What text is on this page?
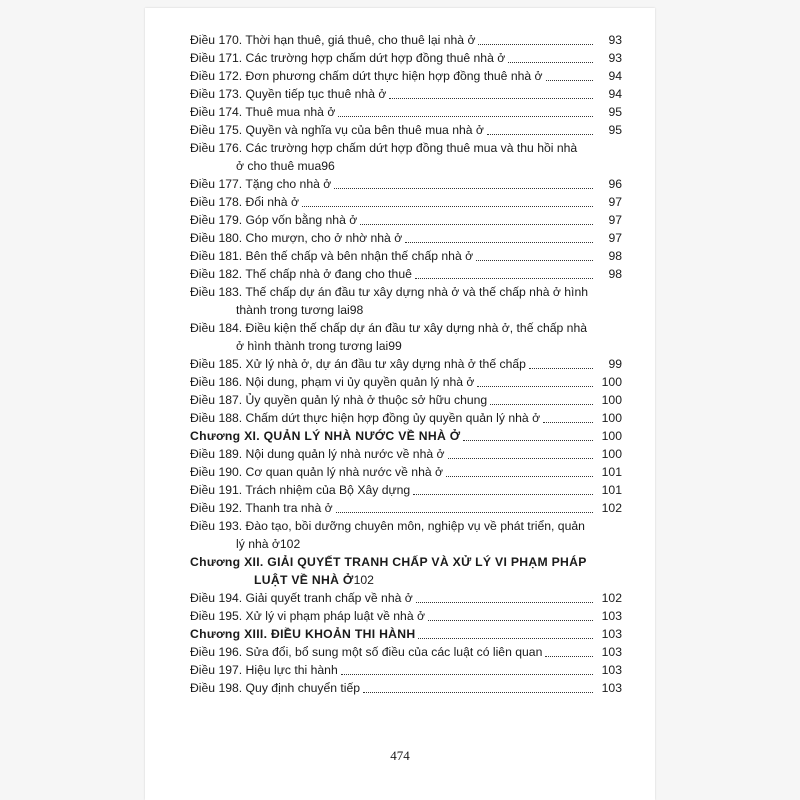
Điều 170. Thời hạn thuê, giá thuê, cho thuê lại nhà ở	93
Điều 171. Các trường hợp chấm dứt hợp đồng thuê nhà ở	93
Điều 172. Đơn phương chấm dứt thực hiện hợp đồng thuê nhà ở	94
Điều 173. Quyền tiếp tục thuê nhà ở	94
Điều 174. Thuê mua nhà ở	95
Điều 175. Quyền và nghĩa vụ của bên thuê mua nhà ở	95
Điều 176. Các trường hợp chấm dứt hợp đồng thuê mua và thu hồi nhà
ở cho thuê mua 96
Điều 177. Tặng cho nhà ở	96
Điều 178. Đổi nhà ở	97
Điều 179. Góp vốn bằng nhà ở	97
Điều 180. Cho mượn, cho ở nhờ nhà ở	97
Điều 181. Bên thế chấp và bên nhận thế chấp nhà ở	98
Điều 182. Thế chấp nhà ở đang cho thuê	98
Điều 183. Thế chấp dự án đầu tư xây dựng nhà ở và thế chấp nhà ở hình
thành trong tương lai 98
Điều 184. Điều kiện thế chấp dự án đầu tư xây dựng nhà ở, thế chấp nhà
ở hình thành trong tương lai 99
Điều 185. Xử lý nhà ở, dự án đầu tư xây dựng nhà ở thế chấp	99
Điều 186. Nội dung, phạm vi ủy quyền quản lý nhà ở	100
Điều 187. Ủy quyền quản lý nhà ở thuộc sở hữu chung	100
Điều 188. Chấm dứt thực hiện hợp đồng ủy quyền quản lý nhà ở	100
Chương XI. QUẢN LÝ NHÀ NƯỚC VỀ NHÀ Ở	100
Điều 189. Nội dung quản lý nhà nước về nhà ở	100
Điều 190. Cơ quan quản lý nhà nước về nhà ở	101
Điều 191. Trách nhiệm của Bộ Xây dựng	101
Điều 192. Thanh tra nhà ở	102
Điều 193. Đào tạo, bồi dưỡng chuyên môn, nghiệp vụ về phát triển, quản
lý nhà ở 102
Chương XII. GIẢI QUYẾT TRANH CHẤP VÀ XỬ LÝ VI PHẠM PHÁP
LUẬT VỀ NHÀ Ở 102
Điều 194. Giải quyết tranh chấp về nhà ở	102
Điều 195. Xử lý vi phạm pháp luật về nhà ở	103
Chương XIII. ĐIỀU KHOẢN THI HÀNH	103
Điều 196. Sửa đổi, bổ sung một số điều của các luật có liên quan	103
Điều 197. Hiệu lực thi hành	103
Điều 198. Quy định chuyển tiếp	103
474
